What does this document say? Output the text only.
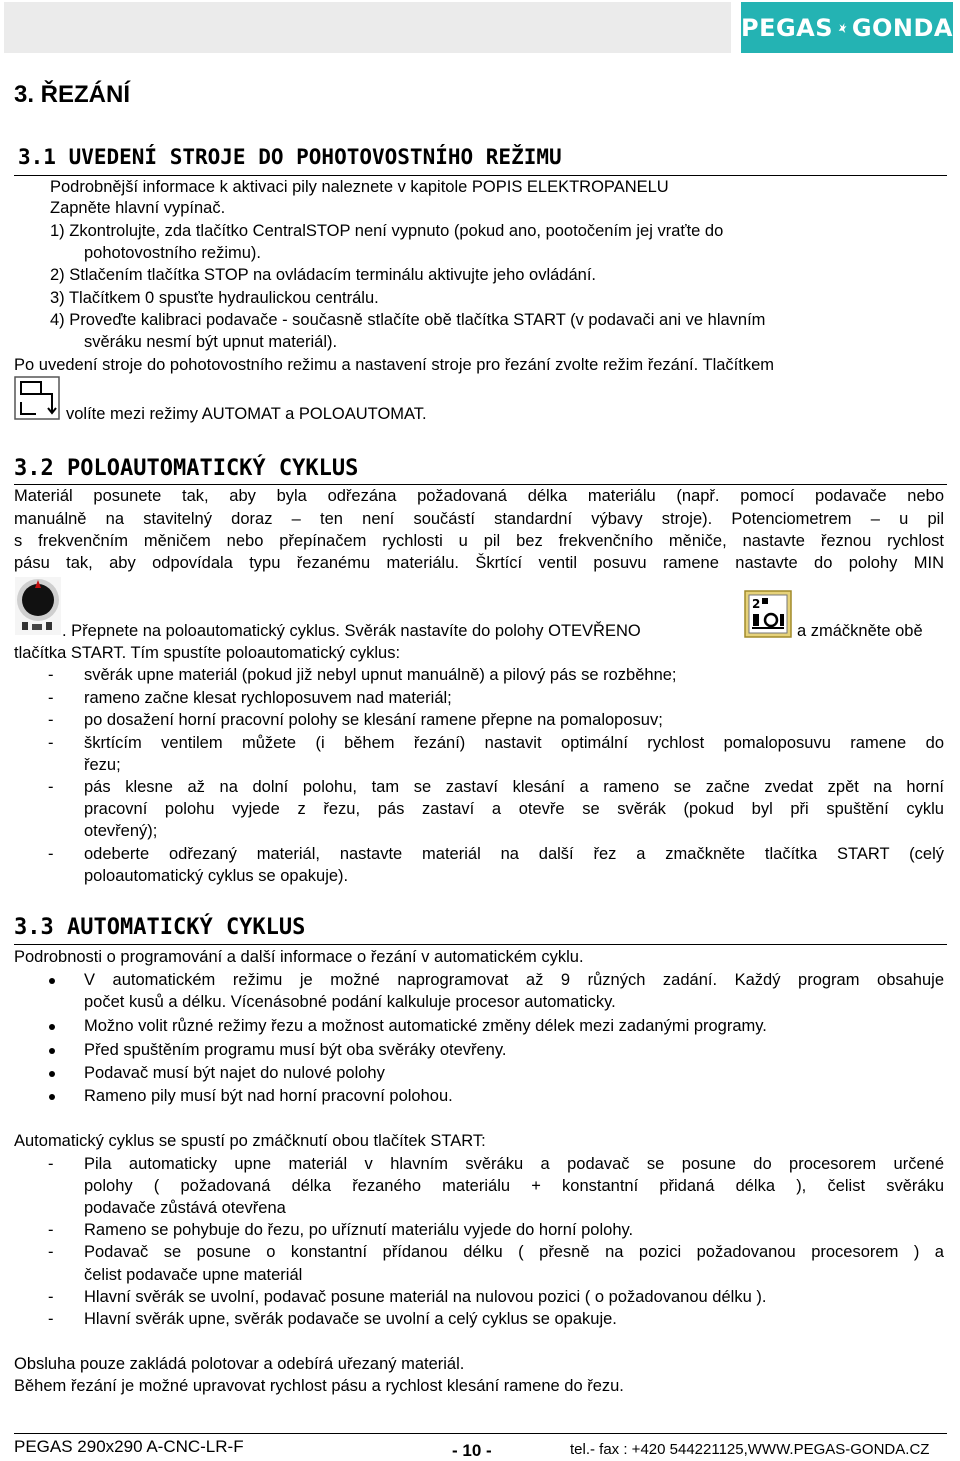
PEGAS GONDA
3. ŘEZÁNÍ
3.1 UVEDENÍ STROJE DO POHOTOVOSTNÍHO REŽIMU
Podrobnější informace k aktivaci pily naleznete v kapitole POPIS ELEKTROPANELU
Zapněte hlavní vypínač.
1) Zkontrolujte, zda tlačítko CentralSTOP není vypnuto (pokud ano, pootočením jej vraťte do
pohotovostního režimu).
2) Stlačením tlačítka STOP na ovládacím terminálu aktivujte jeho ovládání.
3) Tlačítkem 0 spusťte hydraulickou centrálu.
4) Proveďte kalibraci podavače - současně stlačíte obě tlačítka START (v podavači ani ve hlavním
svěráku nesmí být upnut materiál).
Po uvedení stroje do pohotovostního režimu a nastavení stroje pro řezání zvolte režim řezání. Tlačítkem
volíte mezi režimy AUTOMAT a POLOAUTOMAT.
3.2 POLOAUTOMATICKÝ CYKLUS
Materiál posunete tak, aby byla odřezána požadovaná délka materiálu (např. pomocí podavače nebo
manuálně na stavitelný doraz – ten není součástí standardní výbavy stroje). Potenciometrem – u pil
s frekvenčním měničem nebo přepínačem rychlosti u pil bez frekvenčního měniče, nastavte řeznou rychlost
pásu tak, aby odpovídala typu řezanému materiálu. Škrtící ventil posuvu ramene nastavte do polohy MIN
. Přepnete na poloautomatický cyklus. Svěrák nastavíte do polohy OTEVŘENO
2
a zmáčkněte obě
tlačítka START. Tím spustíte poloautomatický cyklus:
- svěrák upne materiál (pokud již nebyl upnut manuálně) a pilový pás se rozběhne;
- rameno začne klesat rychloposuvem nad materiál;
- po dosažení horní pracovní polohy se klesání ramene přepne na pomaloposuv;
- škrtícím ventilem můžete (i během řezání) nastavit optimální rychlost pomaloposuvu ramene do
řezu;
- pás klesne až na dolní polohu, tam se zastaví klesání a rameno se začne zvedat zpět na horní
pracovní polohu vyjede z řezu, pás zastaví a otevře se svěrák (pokud byl při spuštění cyklu
otevřený);
- odeberte odřezaný materiál, nastavte materiál na další řez a zmačkněte tlačítka START (celý
poloautomatický cyklus se opakuje).
3.3 AUTOMATICKÝ CYKLUS
Podrobnosti o programování a další informace o řezání v automatickém cyklu.
V automatickém režimu je možné naprogramovat až 9 různých zadání. Každý program obsahuje
počet kusů a délku. Vícenásobné podání kalkuluje procesor automaticky.
Možno volit různé režimy řezu a možnost automatické změny délek mezi zadanými programy.
Před spuštěním programu musí být oba svěráky otevřeny.
Podavač musí být najet do nulové polohy
Rameno pily musí být nad horní pracovní polohou.
Automatický cyklus se spustí po zmáčknutí obou tlačítek START:
- Pila automaticky upne materiál v hlavním svěráku a podavač se posune do procesorem určené
polohy ( požadovaná délka řezaného materiálu + konstantní přidaná délka ), čelist svěráku
podavače zůstává otevřena
- Rameno se pohybuje do řezu, po uříznutí materiálu vyjede do horní polohy.
- Podavač se posune o konstantní přídanou délku ( přesně na pozici požadovanou procesorem ) a
čelist podavače upne materiál
- Hlavní svěrák se uvolní, podavač posune materiál na nulovou pozici ( o požadovanou délku ).
- Hlavní svěrák upne, svěrák podavače se uvolní a celý cyklus se opakuje.
Obsluha pouze zakládá polotovar a odebírá uřezaný materiál.
Během řezání je možné upravovat rychlost pásu a rychlost klesání ramene do řezu.
PEGAS 290x290 A-CNC-LR-F	- 10 -	tel.- fax : +420 544221125,WWW.PEGAS-GONDA.CZ
